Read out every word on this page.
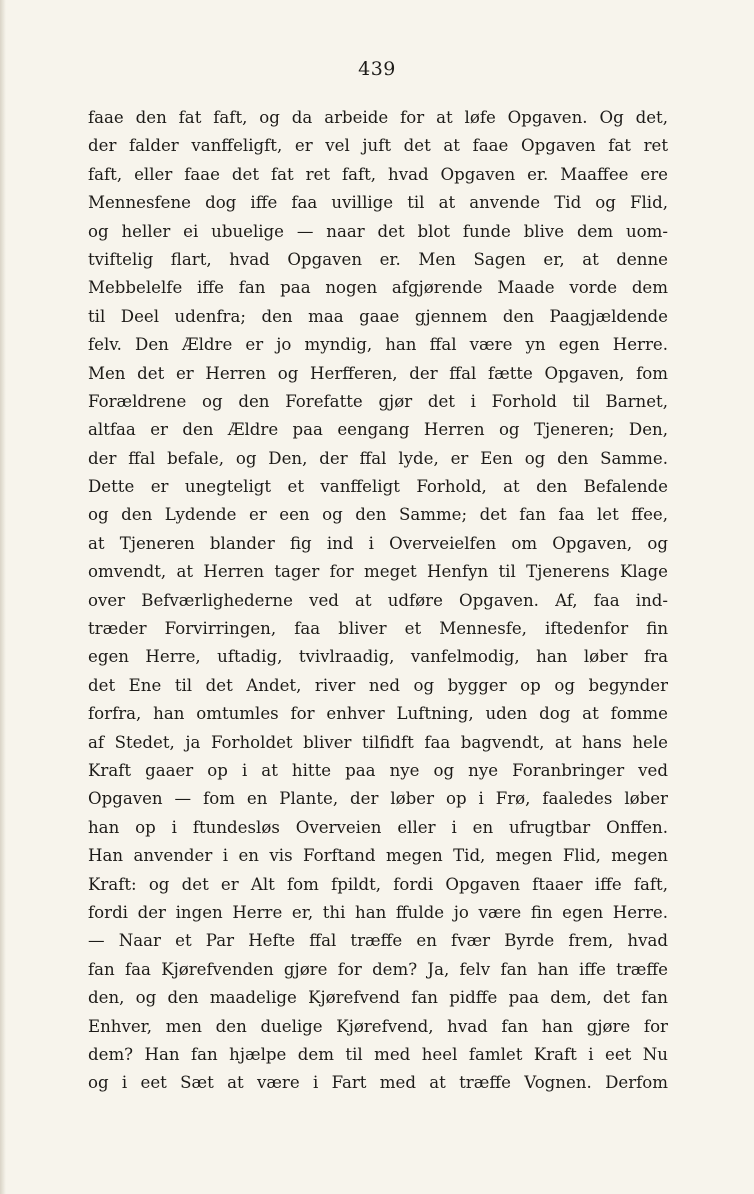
439
faae den fat faft, og da arbeide for at løfe Opgaven. Og det,
der falder vanffeligft, er vel juft det at faae Opgaven fat ret
faft, eller faae det fat ret faft, hvad Opgaven er. Maaffee ere
Mennesfene dog iffe faa uvillige til at anvende Tid og Flid,
og heller ei ubuelige — naar det blot funde blive dem uom-
tviftelig flart, hvad Opgaven er. Men Sagen er, at denne
Mebbelelfe iffe fan paa nogen afgjørende Maade vorde dem
til Deel udenfra; den maa gaae gjennem den Paagjældende
felv. Den Ældre er jo myndig, han ffal være yn egen Herre.
Men det er Herren og Herfferen, der ffal fætte Opgaven, fom
Forældrene og den Forefatte gjør det i Forhold til Barnet,
altfaa er den Ældre paa eengang Herren og Tjeneren; Den,
der ffal befale, og Den, der ffal lyde, er Een og den Samme.
Dette er unegteligt et vanffeligt Forhold, at den Befalende
og den Lydende er een og den Samme; det fan faa let ffee,
at Tjeneren blander fig ind i Overveielfen om Opgaven, og
omvendt, at Herren tager for meget Henfyn til Tjenerens Klage
over Befværlighederne ved at udføre Opgaven. Af, faa ind-
træder Forvirringen, faa bliver et Mennesfe, iftedenfor fin
egen Herre, uftadig, tvivlraadig, vanfelmodig, han løber fra
det Ene til det Andet, river ned og bygger op og begynder
forfra, han omtumles for enhver Luftning, uden dog at fomme
af Stedet, ja Forholdet bliver tilfidft faa bagvendt, at hans hele
Kraft gaaer op i at hitte paa nye og nye Foranbringer ved
Opgaven — fom en Plante, der løber op i Frø, faaledes løber
han op i ftundesløs Overveien eller i en ufrugtbar Onffen.
Han anvender i en vis Forftand megen Tid, megen Flid, megen
Kraft: og det er Alt fom fpildt, fordi Opgaven ftaaer iffe faft,
fordi der ingen Herre er, thi han ffulde jo være fin egen Herre.
— Naar et Par Hefte ffal træffe en fvær Byrde frem, hvad
fan faa Kjørefvenden gjøre for dem? Ja, felv fan han iffe træffe
den, og den maadelige Kjørefvend fan pidffe paa dem, det fan
Enhver, men den duelige Kjørefvend, hvad fan han gjøre for
dem? Han fan hjælpe dem til med heel famlet Kraft i eet Nu
og i eet Sæt at være i Fart med at træffe Vognen. Derfom
